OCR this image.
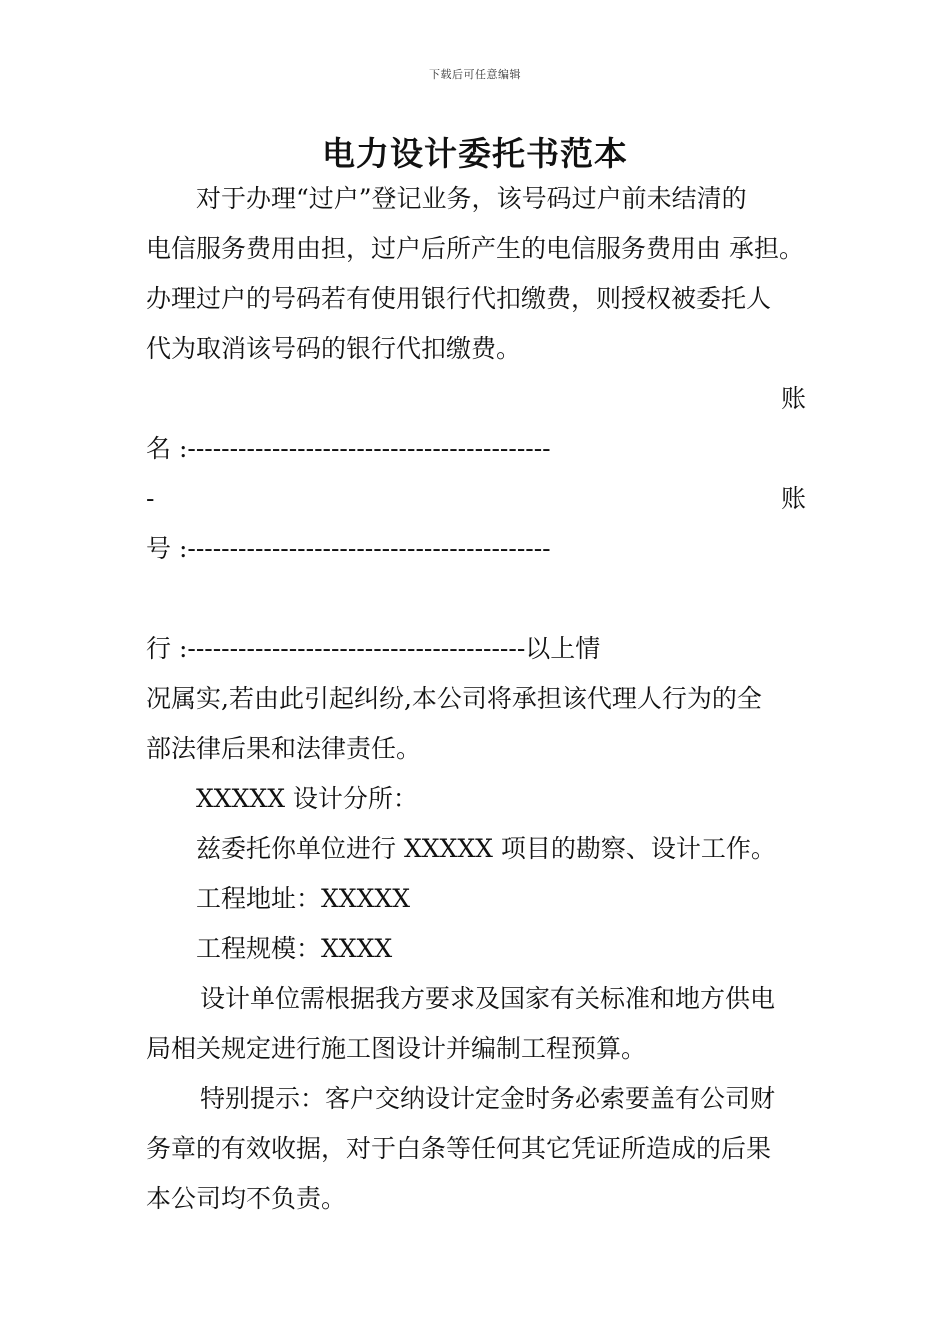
下载后可任意编辑
电力设计委托书范本
对于办理“过户”登记业务，该号码过户前未结清的
电信服务费用由担，过户后所产生的电信服务费用由 承担。
办理过户的号码若有使用银行代扣缴费，则授权被委托人
代为取消该号码的银行代扣缴费。
账
名 :-------------------------------------------
-	账
号 :-------------------------------------------
行 :----------------------------------------以上情
况属实,若由此引起纠纷,本公司将承担该代理人行为的全
部法律后果和法律责任。
XXXXX 设计分所：
兹委托你单位进行 XXXXX 项目的勘察、设计工作。
工程地址：XXXXX
工程规模：XXXX
设计单位需根据我方要求及国家有关标准和地方供电
局相关规定进行施工图设计并编制工程预算。
特别提示：客户交纳设计定金时务必索要盖有公司财
务章的有效收据，对于白条等任何其它凭证所造成的后果
本公司均不负责。
